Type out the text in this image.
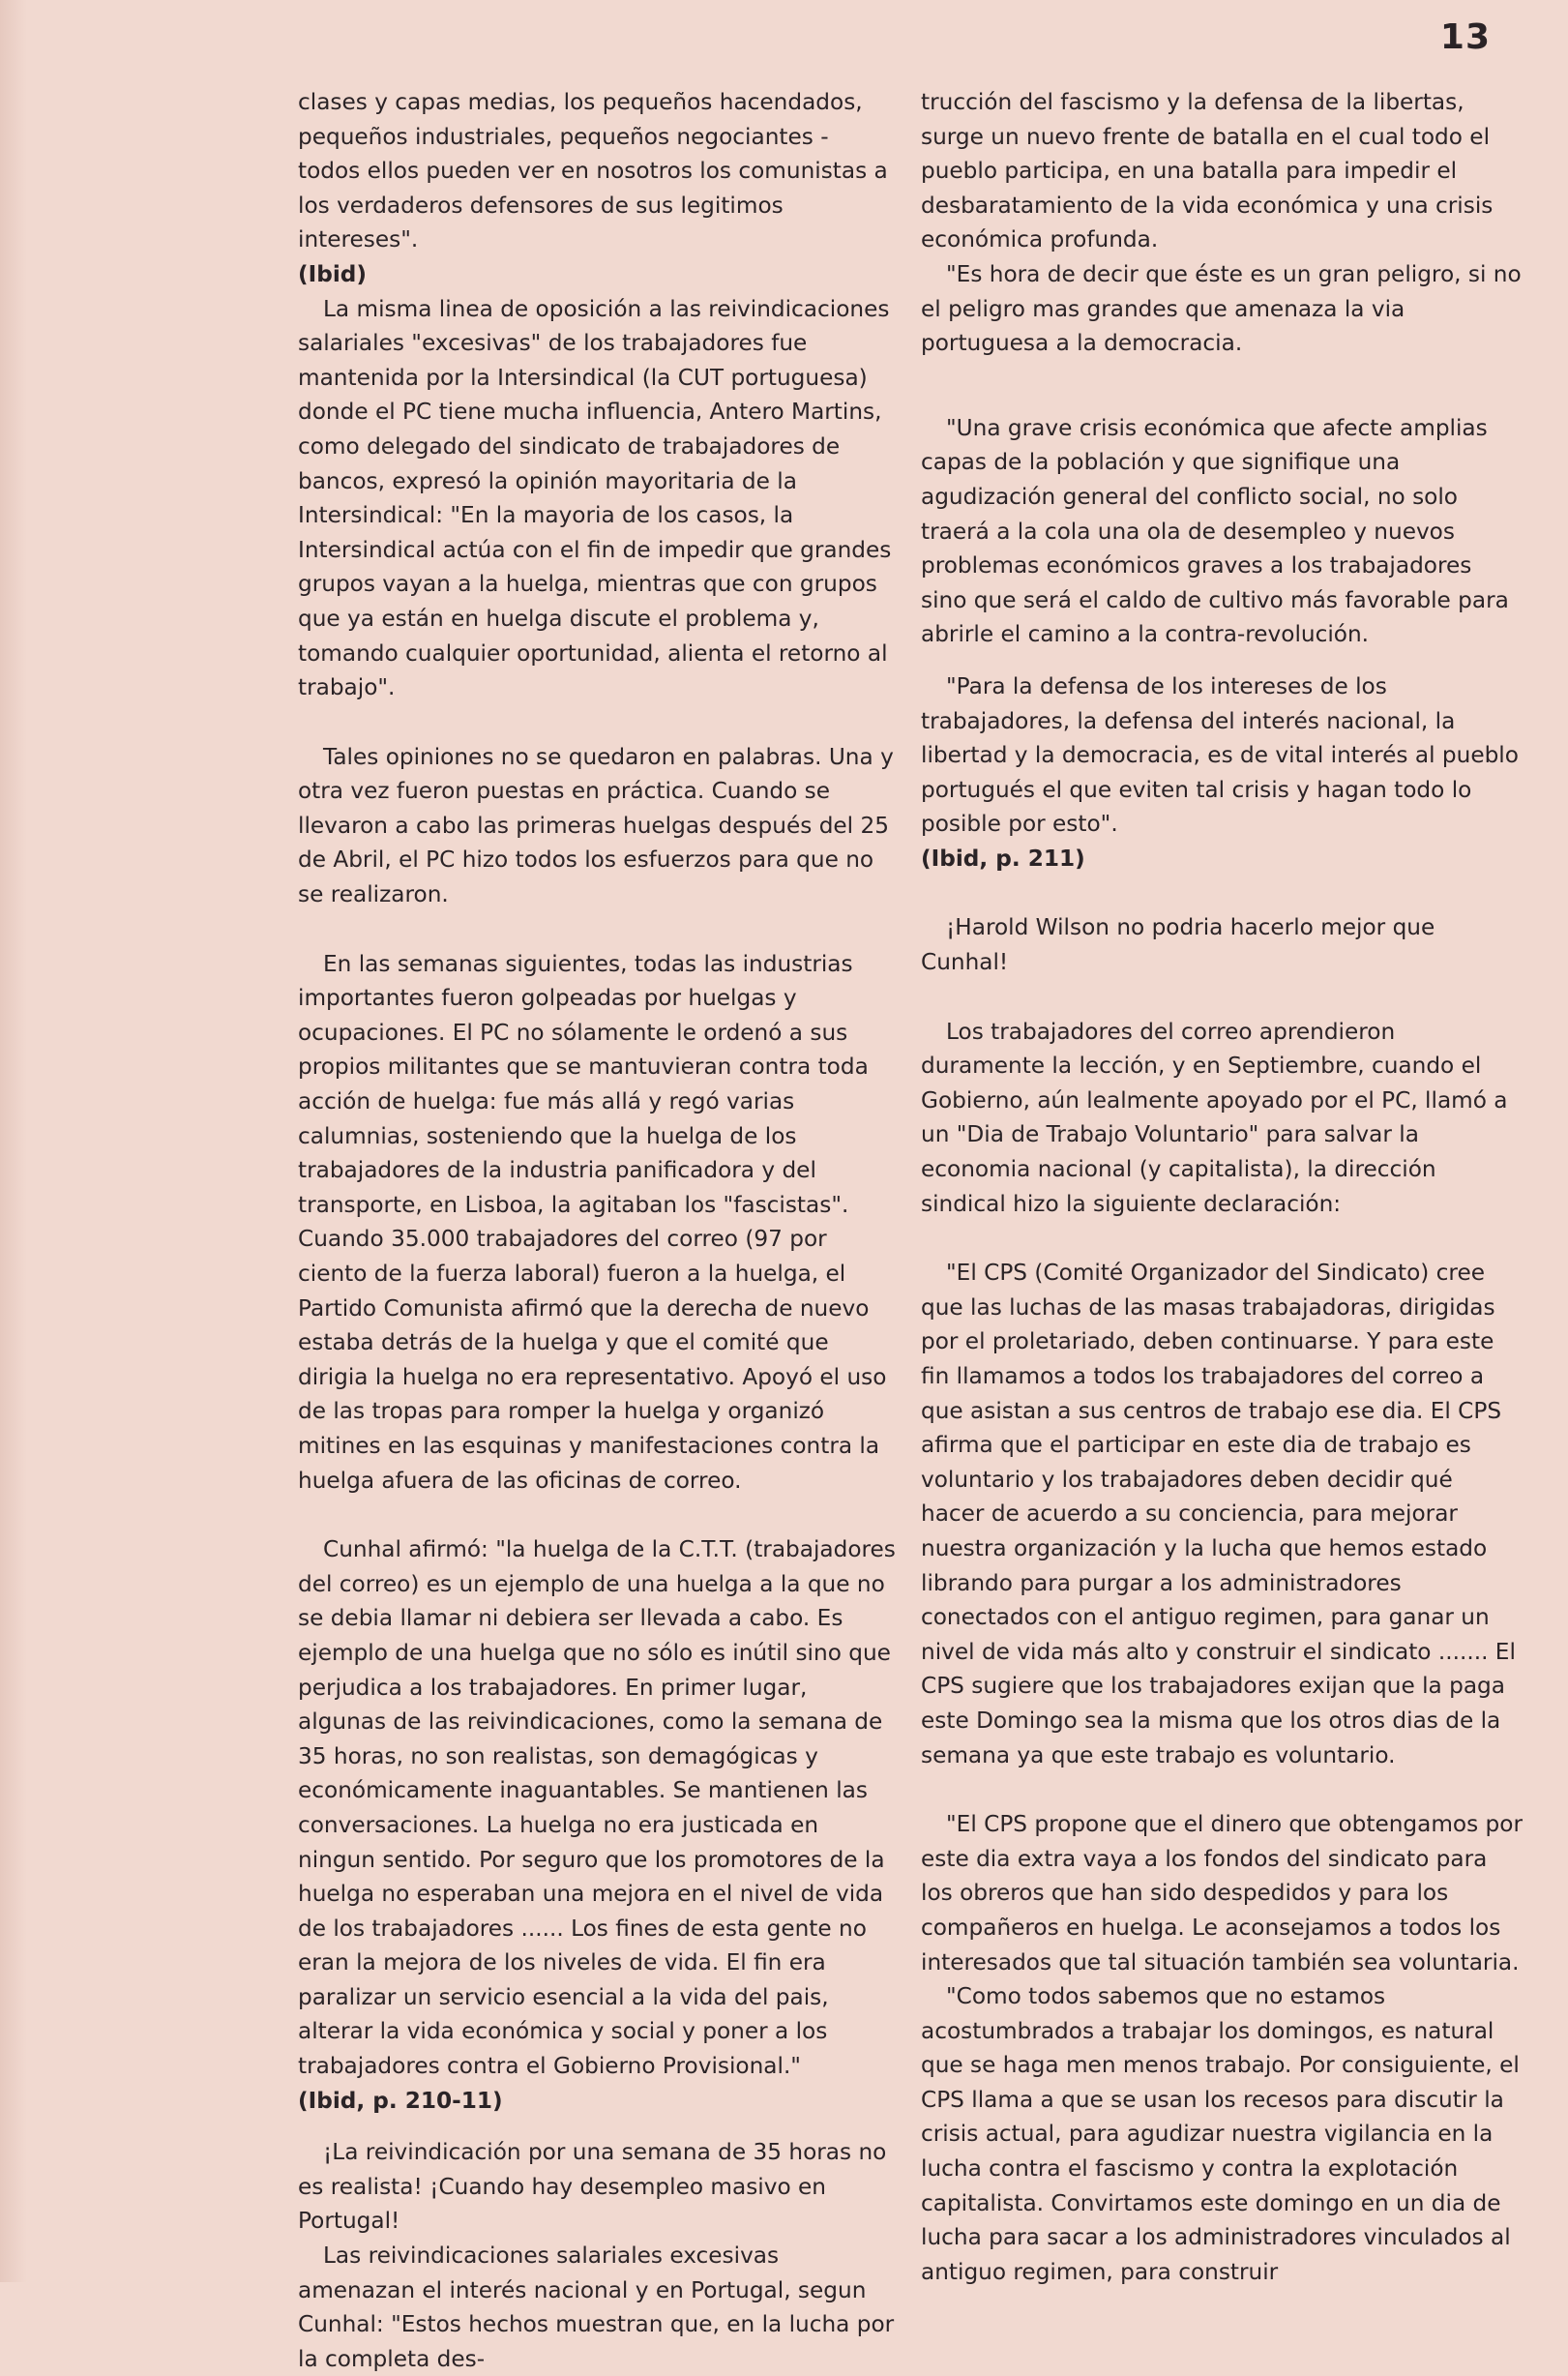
13

clases y capas medias, los pequeños hacendados, pequeños industriales, pequeños negociantes - todos ellos pueden ver en nosotros los comunistas a los verdaderos defensores de sus legitimos intereses".

(Ibid)

La misma linea de oposición a las reivindicaciones salariales "excesivas" de los trabajadores fue mantenida por la Intersindical (la CUT portuguesa) donde el PC tiene mucha influencia, Antero Martins, como delegado del sindicato de trabajadores de bancos, expresó la opinión mayoritaria de la Intersindical: "En la mayoria de los casos, la Intersindical actúa con el fin de impedir que grandes grupos vayan a la huelga, mientras que con grupos que ya están en huelga discute el problema y, tomando cualquier oportunidad, alienta el retorno al trabajo".

Tales opiniones no se quedaron en palabras. Una y otra vez fueron puestas en práctica. Cuando se llevaron a cabo las primeras huelgas después del 25 de Abril, el PC hizo todos los esfuerzos para que no se realizaron.

En las semanas siguientes, todas las industrias importantes fueron golpeadas por huelgas y ocupaciones. El PC no sólamente le ordenó a sus propios militantes que se mantuvieran contra toda acción de huelga: fue más allá y regó varias calumnias, sosteniendo que la huelga de los trabajadores de la industria panificadora y del transporte, en Lisboa, la agitaban los "fascistas". Cuando 35.000 trabajadores del correo (97 por ciento de la fuerza laboral) fueron a la huelga, el Partido Comunista afirmó que la derecha de nuevo estaba detrás de la huelga y que el comité que dirigia la huelga no era representativo. Apoyó el uso de las tropas para romper la huelga y organizó mitines en las esquinas y manifestaciones contra la huelga afuera de las oficinas de correo.

Cunhal afirmó: "la huelga de la C.T.T. (trabajadores del correo) es un ejemplo de una huelga a la que no se debia llamar ni debiera ser llevada a cabo. Es ejemplo de una huelga que no sólo es inútil sino que perjudica a los trabajadores. En primer lugar, algunas de las reivindicaciones, como la semana de 35 horas, no son realistas, son demagógicas y económicamente inaguantables. Se mantienen las conversaciones. La huelga no era justicada en ningun sentido. Por seguro que los promotores de la huelga no esperaban una mejora en el nivel de vida de los trabajadores ...... Los fines de esta gente no eran la mejora de los niveles de vida. El fin era paralizar un servicio esencial a la vida del pais, alterar la vida económica y social y poner a los trabajadores contra el Gobierno Provisional."

(Ibid, p. 210-11)

¡La reivindicación por una semana de 35 horas no es realista! ¡Cuando hay desempleo masivo en Portugal!

Las reivindicaciones salariales excesivas amenazan el interés nacional y en Portugal, segun Cunhal: "Estos hechos muestran que, en la lucha por la completa des-

trucción del fascismo y la defensa de la libertas, surge un nuevo frente de batalla en el cual todo el pueblo participa, en una batalla para impedir el desbaratamiento de la vida económica y una crisis económica profunda.

"Es hora de decir que éste es un gran peligro, si no el peligro mas grandes que amenaza la via portuguesa a la democracia.

"Una grave crisis económica que afecte amplias capas de la población y que signifique una agudización general del conflicto social, no solo traerá a la cola una ola de desempleo y nuevos problemas económicos graves a los trabajadores sino que será el caldo de cultivo más favorable para abrirle el camino a la contra-revolución.

"Para la defensa de los intereses de los trabajadores, la defensa del interés nacional, la libertad y la democracia, es de vital interés al pueblo portugués el que eviten tal crisis y hagan todo lo posible por esto".

(Ibid, p. 211)

¡Harold Wilson no podria hacerlo mejor que Cunhal!

Los trabajadores del correo aprendieron duramente la lección, y en Septiembre, cuando el Gobierno, aún lealmente apoyado por el PC, llamó a un "Dia de Trabajo Voluntario" para salvar la economia nacional (y capitalista), la dirección sindical hizo la siguiente declaración:

"El CPS (Comité Organizador del Sindicato) cree que las luchas de las masas trabajadoras, dirigidas por el proletariado, deben continuarse. Y para este fin llamamos a todos los trabajadores del correo a que asistan a sus centros de trabajo ese dia. El CPS afirma que el participar en este dia de trabajo es voluntario y los trabajadores deben decidir qué hacer de acuerdo a su conciencia, para mejorar nuestra organización y la lucha que hemos estado librando para purgar a los administradores conectados con el antiguo regimen, para ganar un nivel de vida más alto y construir el sindicato ....... El CPS sugiere que los trabajadores exijan que la paga este Domingo sea la misma que los otros dias de la semana ya que este trabajo es voluntario.

"El CPS propone que el dinero que obtengamos por este dia extra vaya a los fondos del sindicato para los obreros que han sido despedidos y para los compañeros en huelga. Le aconsejamos a todos los interesados que tal situación también sea voluntaria.

"Como todos sabemos que no estamos acostumbrados a trabajar los domingos, es natural que se haga men menos trabajo. Por consiguiente, el CPS llama a que se usan los recesos para discutir la crisis actual, para agudizar nuestra vigilancia en la lucha contra el fascismo y contra la explotación capitalista. Convirtamos este domingo en un dia de lucha para sacar a los administradores vinculados al antiguo regimen, para construir
